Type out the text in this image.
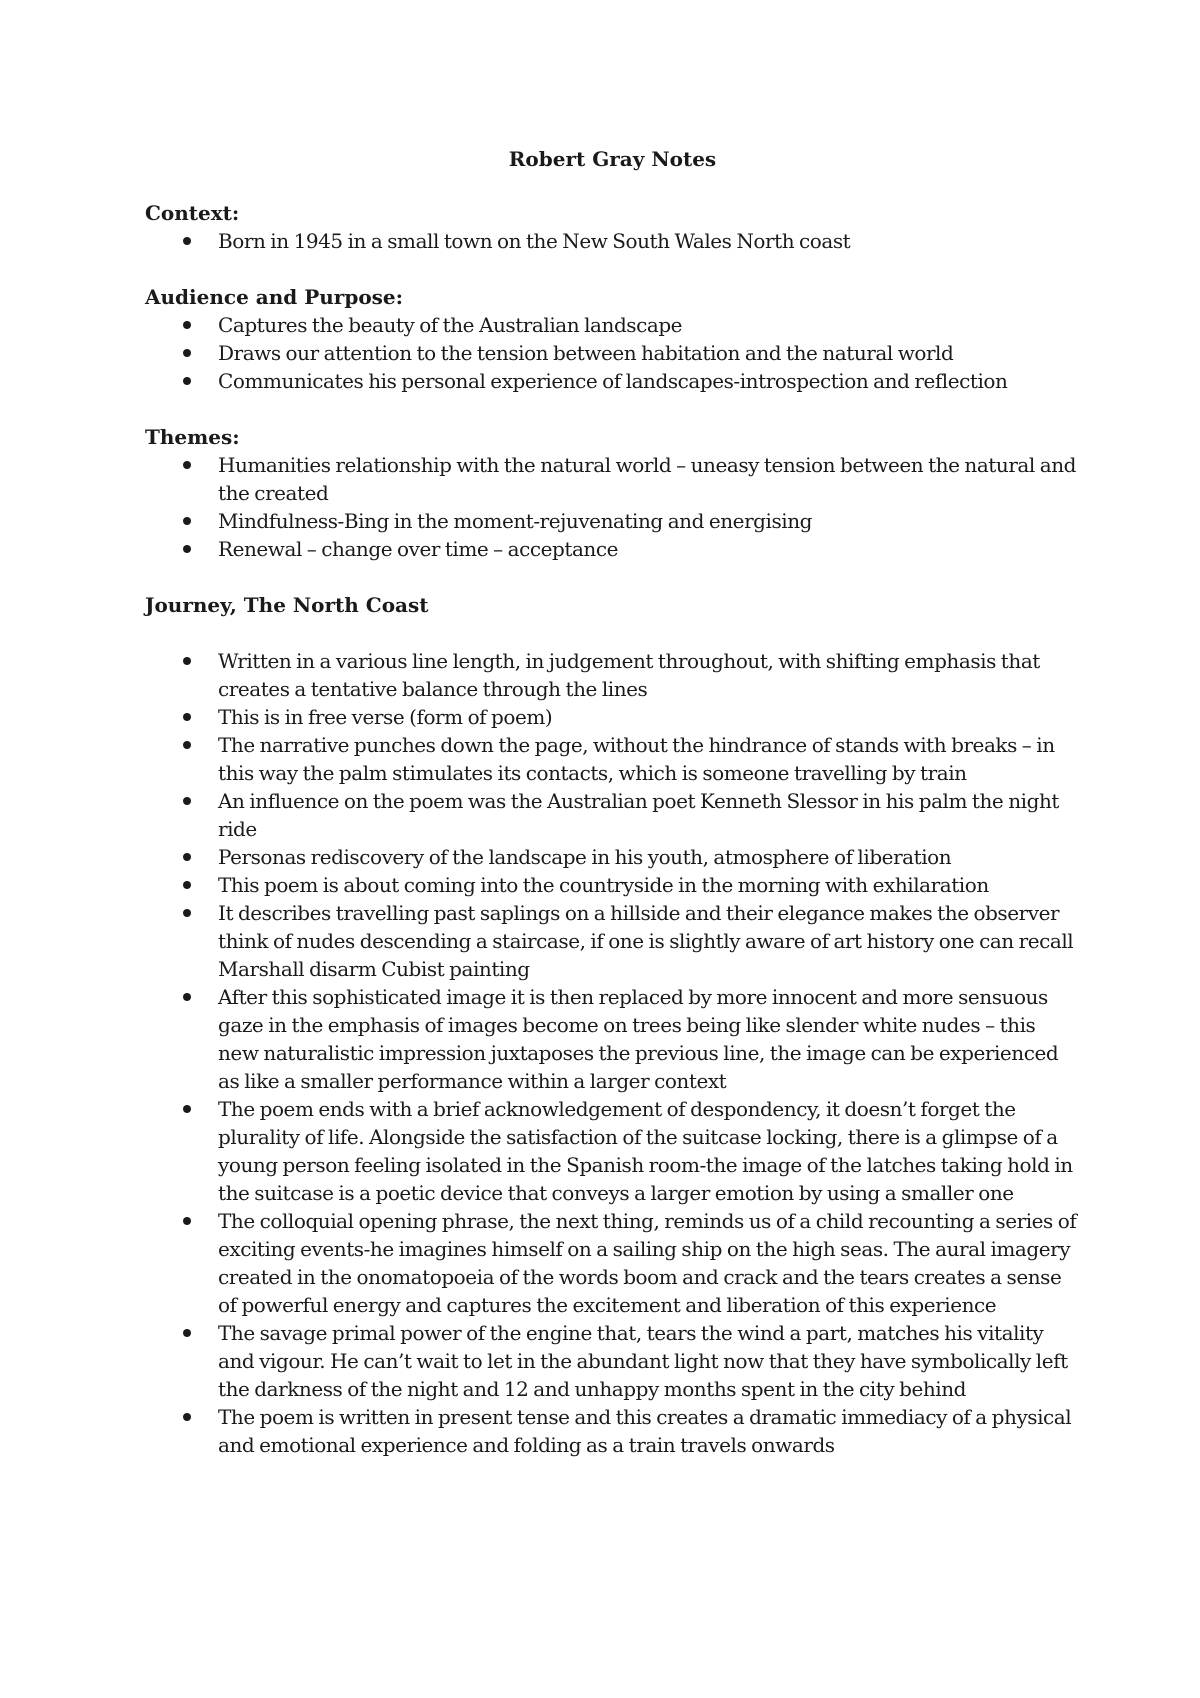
Robert Gray Notes
Context:
Born in 1945 in a small town on the New South Wales North coast
Audience and Purpose:
Captures the beauty of the Australian landscape
Draws our attention to the tension between habitation and the natural world
Communicates his personal experience of landscapes-introspection and reflection
Themes:
Humanities relationship with the natural world – uneasy tension between the natural and the created
Mindfulness-Bing in the moment-rejuvenating and energising
Renewal – change over time – acceptance
Journey, The North Coast
Written in a various line length, in judgement throughout, with shifting emphasis that creates a tentative balance through the lines
This is in free verse (form of poem)
The narrative punches down the page, without the hindrance of stands with breaks – in this way the palm stimulates its contacts, which is someone travelling by train
An influence on the poem was the Australian poet Kenneth Slessor in his palm the night ride
Personas rediscovery of the landscape in his youth, atmosphere of liberation
This poem is about coming into the countryside in the morning with exhilaration
It describes travelling past saplings on a hillside and their elegance makes the observer think of nudes descending a staircase, if one is slightly aware of art history one can recall Marshall disarm Cubist painting
After this sophisticated image it is then replaced by more innocent and more sensuous gaze in the emphasis of images become on trees being like slender white nudes – this new naturalistic impression juxtaposes the previous line, the image can be experienced as like a smaller performance within a larger context
The poem ends with a brief acknowledgement of despondency, it doesn’t forget the plurality of life. Alongside the satisfaction of the suitcase locking, there is a glimpse of a young person feeling isolated in the Spanish room-the image of the latches taking hold in the suitcase is a poetic device that conveys a larger emotion by using a smaller one
The colloquial opening phrase, the next thing, reminds us of a child recounting a series of exciting events-he imagines himself on a sailing ship on the high seas. The aural imagery created in the onomatopoeia of the words boom and crack and the tears creates a sense of powerful energy and captures the excitement and liberation of this experience
The savage primal power of the engine that, tears the wind a part, matches his vitality and vigour. He can’t wait to let in the abundant light now that they have symbolically left the darkness of the night and 12 and unhappy months spent in the city behind
The poem is written in present tense and this creates a dramatic immediacy of a physical and emotional experience and folding as a train travels onwards
